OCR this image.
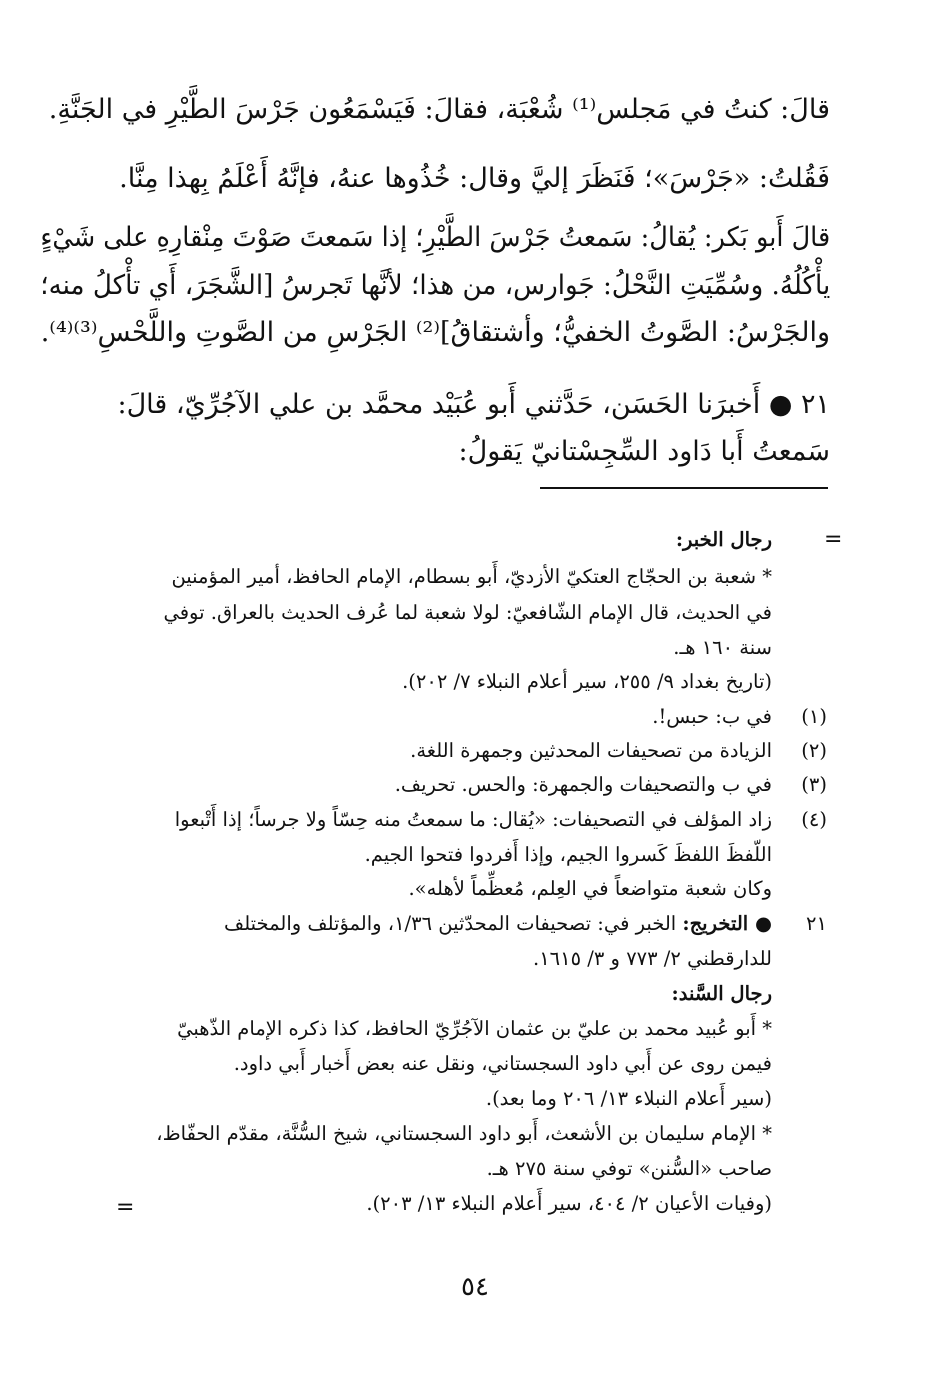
قالَ: كنتُ في مَجلس⁽¹⁾ شُعْبَة، فقالَ: فَيَسْمَعُون جَرْسَ الطَّيْرِ في الجَنَّةِ.
فَقُلتُ: «جَرْسَ»؛ فَنَظَرَ إليَّ وقال: خُذُوها عنهُ، فإنَّهُ أَعْلَمُ بِهذا مِنَّا.
قالَ أَبو بَكر: يُقالُ: سَمعتُ جَرْسَ الطَّيْرِ؛ إذا سَمعتَ صَوْتَ مِنْقارِهِ على شَيْءٍ
يأْكُلُهُ. وسُمِّيَتِ النَّحْلُ: جَوارس، من هذا؛ لأنَّها تَجرسُ [الشَّجَرَ، أَي تأْكلُ منه؛
والجَرْسُ: الصَّوتُ الخفيُّ؛ وأشتقاقُ]⁽²⁾ الجَرْسِ من الصَّوتِ واللَّحْسِ⁽³⁾⁽⁴⁾.
٢١ ● أَخبرَنا الحَسَن، حَدَّثني أَبو عُبَيْد محمَّد بن علي الآجُرِّيّ، قالَ:
سَمعتُ أَبا دَاود السِّجِسْتانيّ يَقولُ:
=
رجال الخبر:
* شعبة بن الحجّاج العتكيّ الأزديّ، أَبو بسطام، الإمام الحافظ، أمير المؤمنين
في الحديث، قال الإمام الشّافعيّ: لولا شعبة لما عُرف الحديث بالعراق. توفي
سنة ١٦٠ هـ.
(تاريخ بغداد ٩/ ٢٥٥، سير أعلام النبلاء ٧/ ٢٠٢).
(١)
في ب: حبس!.
(٢)
الزيادة من تصحيفات المحدثين وجمهرة اللغة.
(٣)
في ب والتصحيفات والجمهرة: والحس. تحريف.
(٤)
زاد المؤلف في التصحيفات: «يُقال: ما سمعتُ منه حِسّاً ولا جرساً؛ إذا أَتْبعوا
اللّفظَ اللفظَ كَسروا الجيم، وإذا أَفردوا فتحوا الجيم.
وكان شعبة متواضعاً في العِلم، مُعظِّماً لأهله».
٢١
● التخريج: الخبر في: تصحيفات المحدّثين ١/٣٦، والمؤتلف والمختلف
للدارقطني ٢/ ٧٧٣ و ٣/ ١٦١٥.
رجال السَّند:
* أَبو عُبيد محمد بن عليّ بن عثمان الآجُرِّيّ الحافظ، كذا ذكره الإمام الذّهبيّ
فيمن روى عن أَبي داود السجستاني، ونقل عنه بعض أَخبار أَبي داود.
(سير أَعلام النبلاء ١٣/ ٢٠٦ وما بعد).
* الإمام سليمان بن الأشعث، أَبو داود السجستاني، شيخ السُّنَّة، مقدّم الحفّاظ،
صاحب «السُّنن» توفي سنة ٢٧٥ هـ.
(وفيات الأعيان ٢/ ٤٠٤، سير أَعلام النبلاء ١٣/ ٢٠٣).
=
٥٤
